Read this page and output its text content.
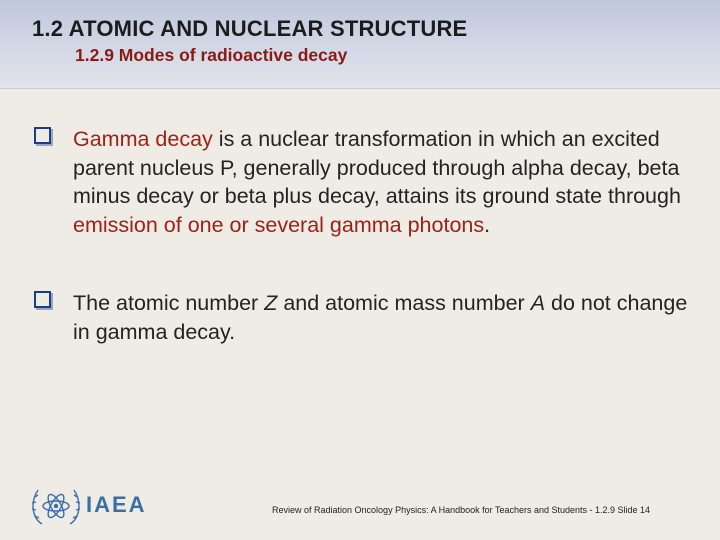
1.2 ATOMIC AND NUCLEAR STRUCTURE
1.2.9 Modes of radioactive decay
Gamma decay is a nuclear transformation in which an excited parent nucleus P, generally produced through alpha decay, beta minus decay or beta plus decay, attains its ground state through emission of one or several gamma photons.
The atomic number Z and atomic mass number A do not change in gamma decay.
IAEA	Review of Radiation Oncology Physics: A Handbook for Teachers and Students - 1.2.9 Slide 14
